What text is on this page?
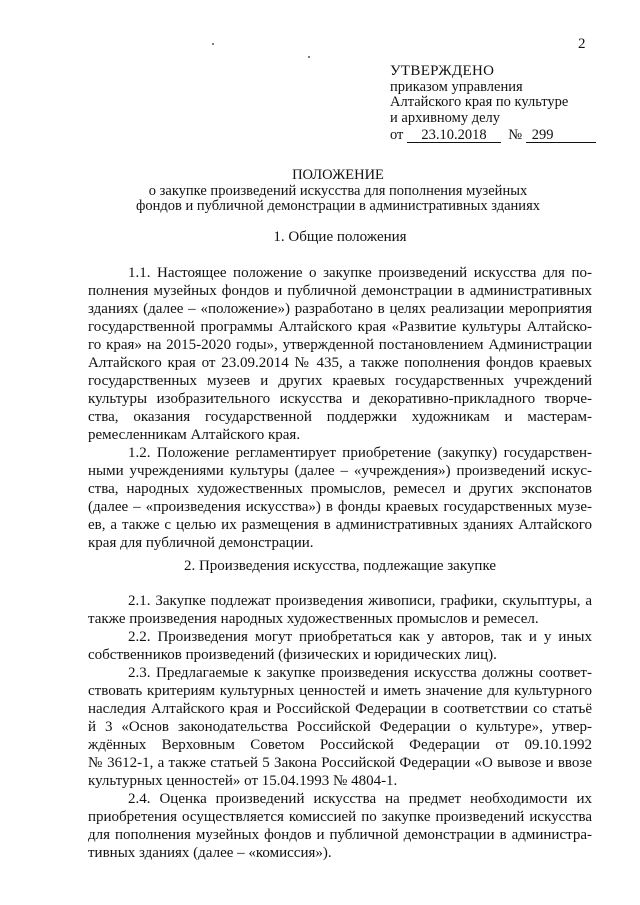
2
УТВЕРЖДЕНО
приказом управления
Алтайского края по культуре
и архивному делу
от 23.10.2018 № 299
ПОЛОЖЕНИЕ
о закупке произведений искусства для пополнения музейных
фондов и публичной демонстрации в административных зданиях
1. Общие положения

1.1. Настоящее положение о закупке произведений искусства для по-
полнения музейных фондов и публичной демонстрации в административных
зданиях (далее – «положение») разработано в целях реализации мероприятия
государственной программы Алтайского края «Развитие культуры Алтайско-
го края» на 2015-2020 годы», утвержденной постановлением Администрации
Алтайского края от 23.09.2014 № 435, а также пополнения фондов краевых
государственных музеев и других краевых государственных учреждений
культуры изобразительного искусства и декоративно-прикладного творче-
ства, оказания государственной поддержки художникам и мастерам-
ремесленникам Алтайского края.

1.2. Положение регламентирует приобретение (закупку) государствен-
ными учреждениями культуры (далее – «учреждения») произведений искус-
ства, народных художественных промыслов, ремесел и других экспонатов
(далее – «произведения искусства») в фонды краевых государственных музе-
ев, а также с целью их размещения в административных зданиях Алтайского
края для публичной демонстрации.

2. Произведения искусства, подлежащие закупке

2.1. Закупке подлежат произведения живописи, графики, скульптуры, а
также произведения народных художественных промыслов и ремесел.

2.2. Произведения могут приобретаться как у авторов, так и у иных
собственников произведений (физических и юридических лиц).

2.3. Предлагаемые к закупке произведения искусства должны соответ-
ствовать критериям культурных ценностей и иметь значение для культурного
наследия Алтайского края и Российской Федерации в соответствии со статьё
й 3 «Основ законодательства Российской Федерации о культуре», утвер-
ждённых Верховным Советом Российской Федерации от 09.10.1992
№ 3612-1, а также статьей 5 Закона Российской Федерации «О вывозе и ввозе
культурных ценностей» от 15.04.1993 № 4804-1.

2.4. Оценка произведений искусства на предмет необходимости их
приобретения осуществляется комиссией по закупке произведений искусства
для пополнения музейных фондов и публичной демонстрации в администра-
тивных зданиях (далее – «комиссия»).
